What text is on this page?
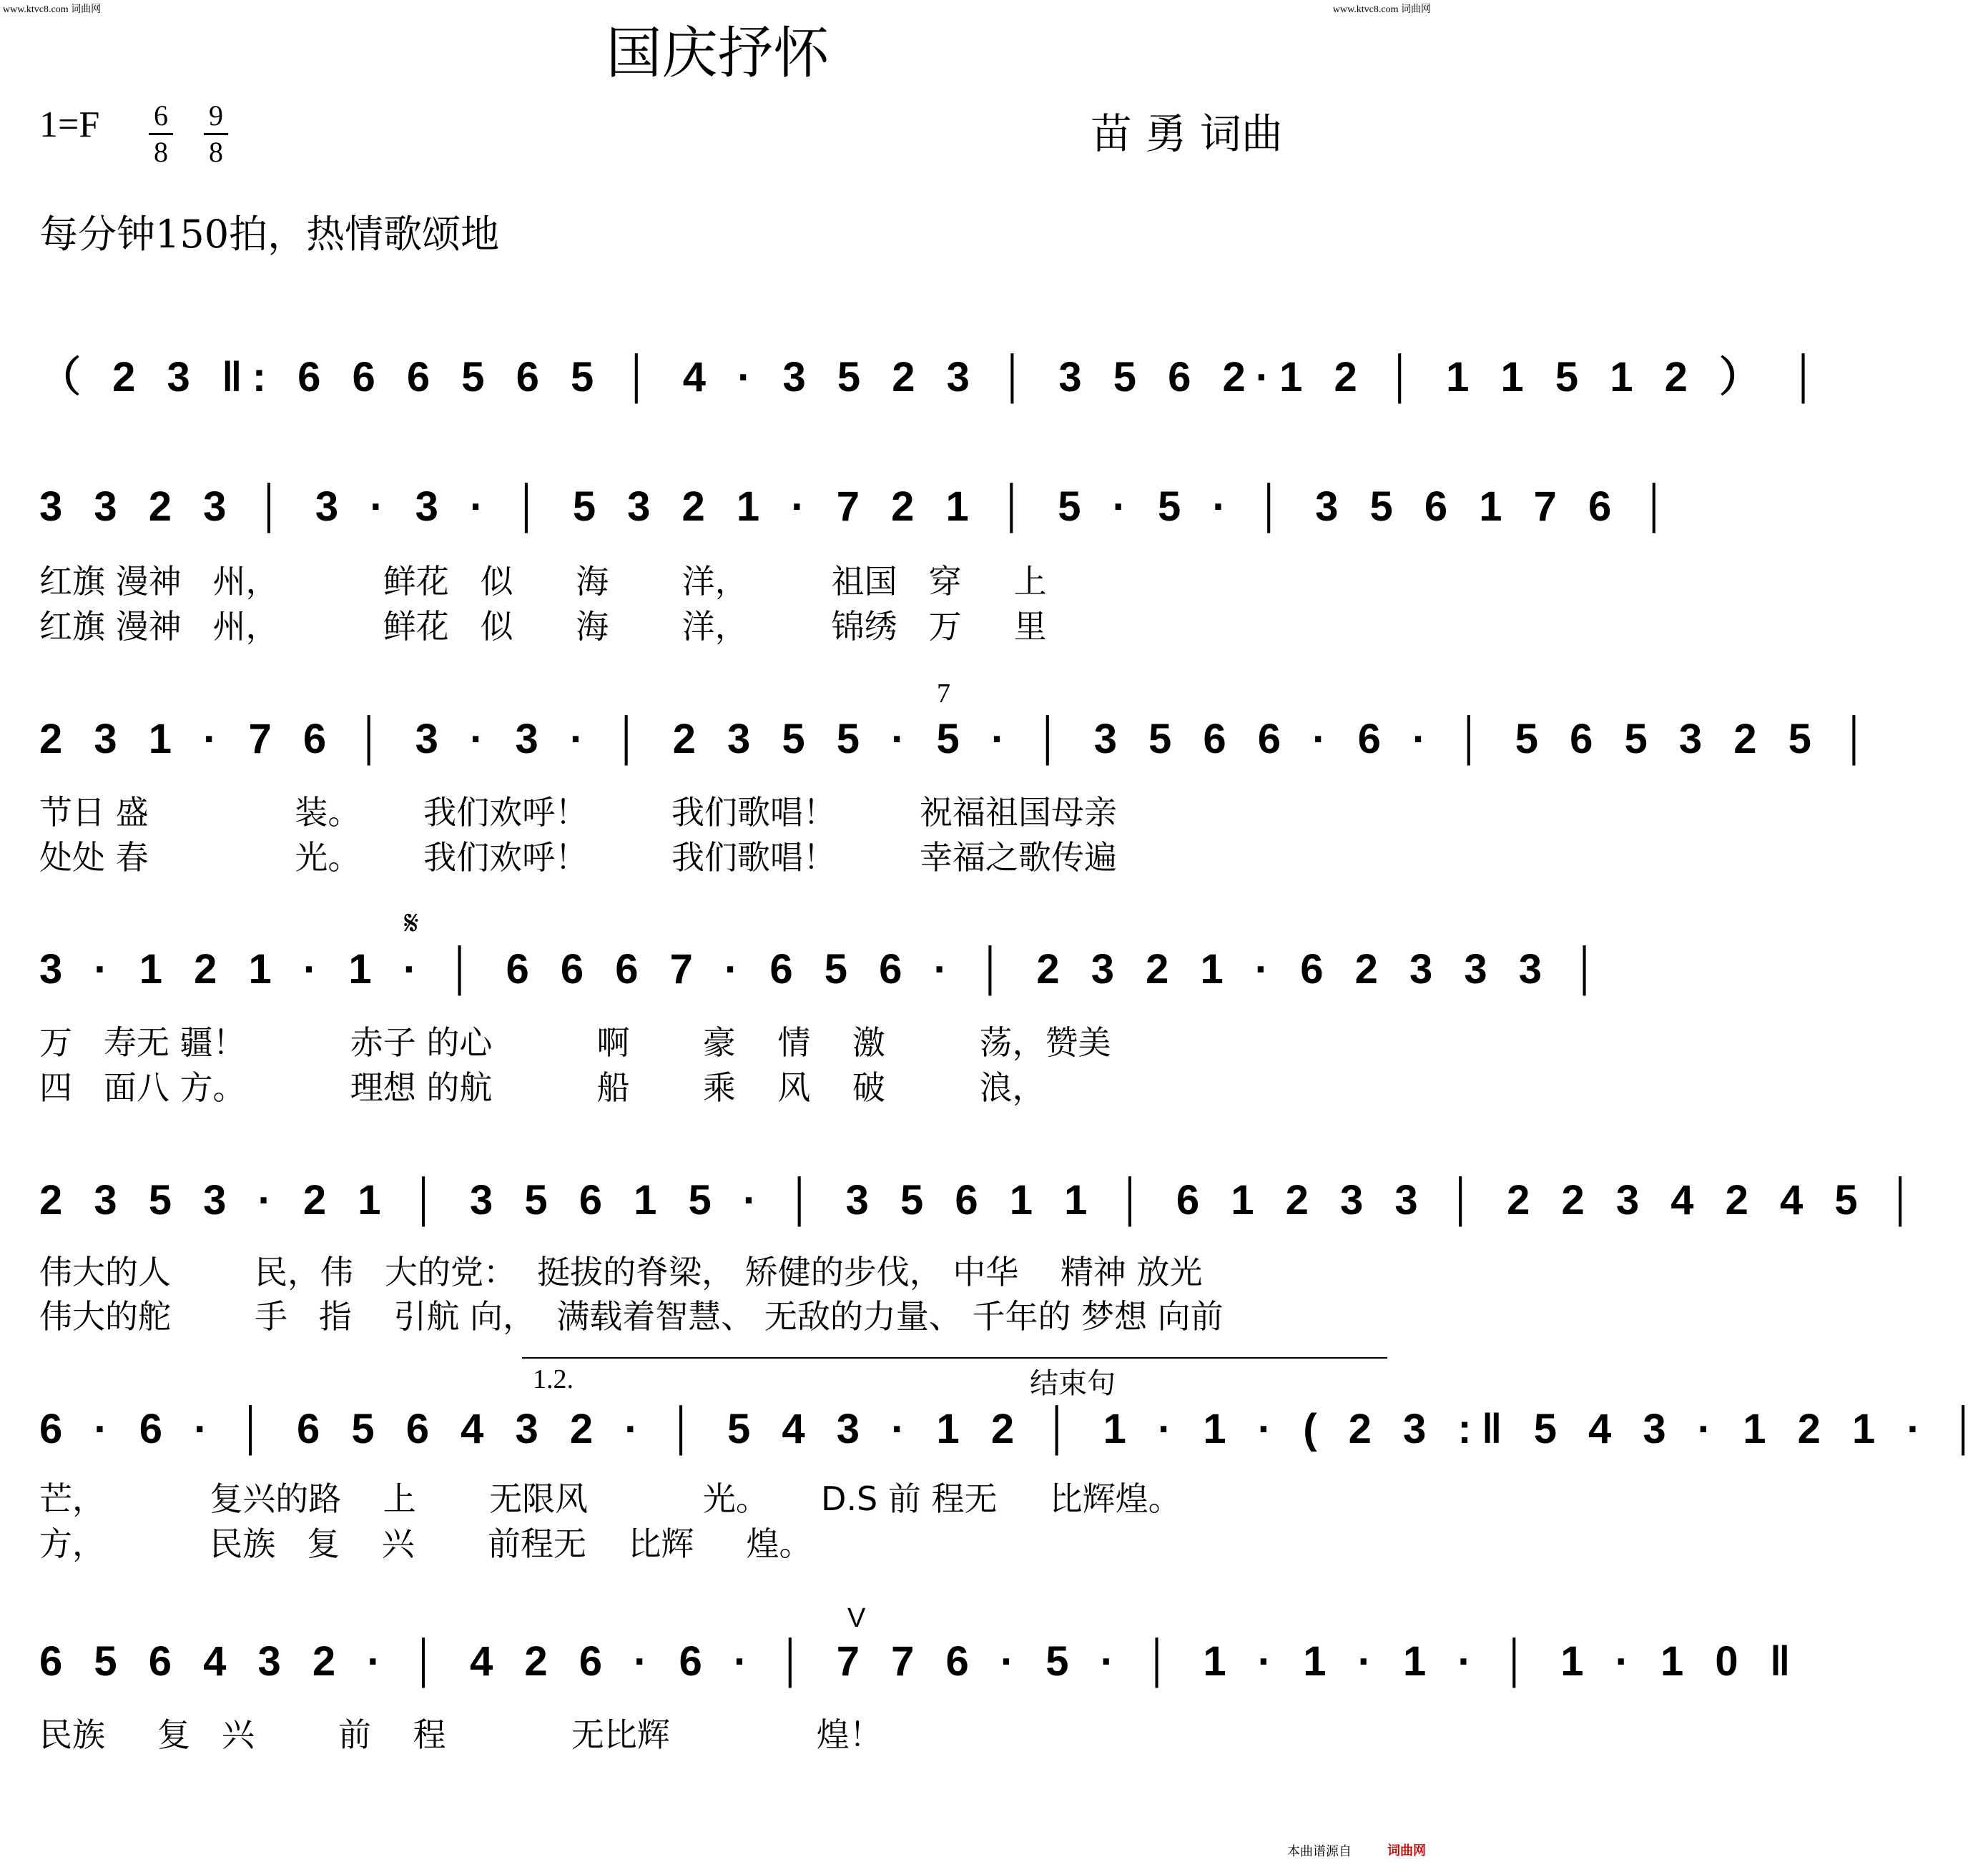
www.ktvc8.com 词曲网	www.ktvc8.com 词曲网
国庆抒怀
1=F 6
8
9
8	苗 勇 词曲
每分钟150拍，热情歌颂地
（ 2 3 ‖: 6 6 6 5 6 5 │ 4 · 3 5 2 3 │ 3 5 6 2·1 2 │ 1 1 5 1 2 ） │
3 3 2 3 │ 3 · 3 · │ 5 3 2 1 · 7 2 1 │ 5 · 5 · │ 3 5 6 1 7 6 │
红旗 漫神   州，          鲜花   似      海       洋，        祖国   穿     上
红旗 漫神   州，          鲜花   似      海       洋，        锦绣   万     里
7
2 3 1 · 7 6 │ 3 · 3 · │ 2 3 5 5 · 5 · │ 3 5 6 6 · 6 · │ 5 6 5 3 2 5 │
节日 盛              装。      我们欢呼！        我们歌唱！        祝福祖国母亲
处处 春              光。      我们欢呼！        我们歌唱！        幸福之歌传遍
𝄋
3 · 1 2 1 · 1 · │ 6 6 6 7 · 6 5 6 · │ 2 3 2 1 · 6 2 3 3 3 │
万   寿无 疆！          赤子 的心          啊       豪    情    激         荡，赞美
四   面八 方。          理想 的航          船       乘    风    破         浪，
2 3 5 3 · 2 1 │ 3 5 6 1 5 · │ 3 5 6 1 1 │ 6 1 2 3 3 │ 2 2 3 4 2 4 5 │
伟大的人        民，伟   大的党：  挺拔的脊梁， 矫健的步伐， 中华    精神 放光
伟大的舵        手   指    引航 向，  满载着智慧、 无敌的力量、 千年的 梦想 向前
1.2.	结束句
6 · 6 · │ 6 5 6 4 3 2 · │ 5 4 3 · 1 2 │ 1 · 1 · ( 2 3 :‖ 5 4 3 · 1 2 1 · │
芒，          复兴的路    上       无限风           光。     D.S 前 程无     比辉煌。
方，          民族   复    兴       前程无    比辉     煌。
V
6 5 6 4 3 2 · │ 4 2 6 · 6 · │ 7 7 6 · 5 · │ 1 · 1 · 1 · │ 1 · 1 0 ‖
民族     复   兴        前    程            无比辉              煌！
本曲谱源自	词曲网
